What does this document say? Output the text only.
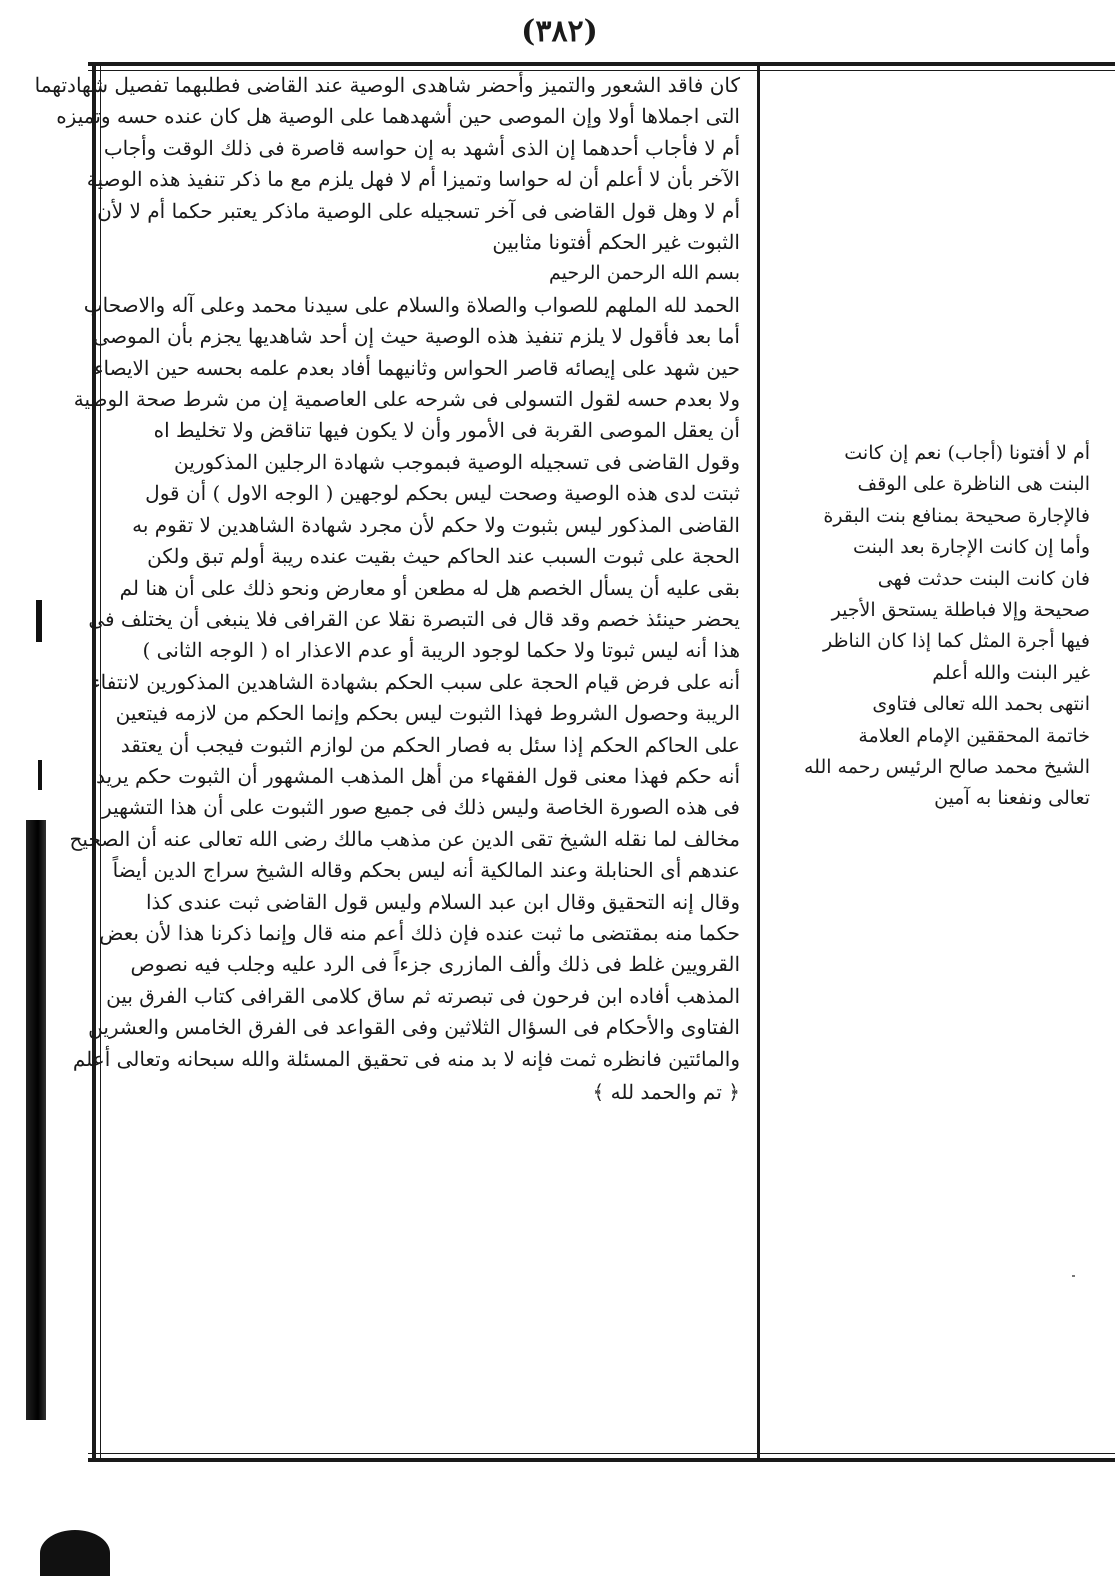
(٣٨٢)
كان فاقد الشعور والتميز وأحضر شاهدى الوصية عند القاضى فطلبهما تفصيل شهادتهما
التى اجملاها أولا وإن الموصى حين أشهدهما على الوصية هل كان عنده حسه وتميزه
أم لا فأجاب أحدهما إن الذى أشهد به إن حواسه قاصرة فى ذلك الوقت وأجاب
الآخر بأن لا أعلم أن له حواسا وتميزا أم لا فهل يلزم مع ما ذكر تنفيذ هذه الوصية
أم لا وهل قول القاضى فى آخر تسجيله على الوصية ماذكر يعتبر حكما أم لا لأن
الثبوت غير الحكم أفتونا مثابين
بسم الله الرحمن الرحيم
الحمد لله الملهم للصواب والصلاة والسلام على سيدنا محمد وعلى آله والاصحاب
أما بعد فأقول لا يلزم تنفيذ هذه الوصية حيث إن أحد شاهديها يجزم بأن الموصى
حين شهد على إيصائه قاصر الحواس وثانيهما أفاد بعدم علمه بحسه حين الايصاء
ولا بعدم حسه لقول التسولى فى شرحه على العاصمية إن من شرط صحة الوصية
أن يعقل الموصى القربة فى الأمور وأن لا يكون فيها تناقض ولا تخليط اه
وقول القاضى فى تسجيله الوصية فبموجب شهادة الرجلين المذكورين
ثبتت لدى هذه الوصية وصحت ليس بحكم لوجهين ( الوجه الاول ) أن قول
القاضى المذكور ليس بثبوت ولا حكم لأن مجرد شهادة الشاهدين لا تقوم به
الحجة على ثبوت السبب عند الحاكم حيث بقيت عنده ريبة أولم تبق ولكن
بقى عليه أن يسأل الخصم هل له مطعن أو معارض ونحو ذلك على أن هنا لم
يحضر حينئذ خصم وقد قال فى التبصرة نقلا عن القرافى فلا ينبغى أن يختلف فى
هذا أنه ليس ثبوتا ولا حكما لوجود الريبة أو عدم الاعذار اه ( الوجه الثانى )
أنه على فرض قيام الحجة على سبب الحكم بشهادة الشاهدين المذكورين لانتفاء
الريبة وحصول الشروط فهذا الثبوت ليس بحكم وإنما الحكم من لازمه فيتعين
على الحاكم الحكم إذا سئل به فصار الحكم من لوازم الثبوت فيجب أن يعتقد
أنه حكم فهذا معنى قول الفقهاء من أهل المذهب المشهور أن الثبوت حكم يريد
فى هذه الصورة الخاصة وليس ذلك فى جميع صور الثبوت على أن هذا التشهير
مخالف لما نقله الشيخ تقى الدين عن مذهب مالك رضى الله تعالى عنه أن الصحيح
عندهم أى الحنابلة وعند المالكية أنه ليس بحكم وقاله الشيخ سراج الدين أيضاً
وقال إنه التحقيق وقال ابن عبد السلام وليس قول القاضى ثبت عندى كذا
حكما منه بمقتضى ما ثبت عنده فإن ذلك أعم منه قال وإنما ذكرنا هذا لأن بعض
القرويين غلط فى ذلك وألف المازرى جزءاً فى الرد عليه وجلب فيه نصوص
المذهب أفاده ابن فرحون فى تبصرته ثم ساق كلامى القرافى كتاب الفرق بين
الفتاوى والأحكام فى السؤال الثلاثين وفى القواعد فى الفرق الخامس والعشرين
والمائتين فانظره ثمت فإنه لا بد منه فى تحقيق المسئلة والله سبحانه وتعالى أعلم
﴿ تم والحمد لله ﴾
أم لا أفتونا (أجاب) نعم إن كانت
البنت هى الناظرة على الوقف
فالإجارة صحيحة بمنافع بنت البقرة
وأما إن كانت الإجارة بعد البنت
فان كانت البنت حدثت فهى
صحيحة وإلا فباطلة يستحق الأجير
فيها أجرة المثل كما إذا كان الناظر
غير البنت والله أعلم
انتهى بحمد الله تعالى فتاوى
خاتمة المحققين الإمام العلامة
الشيخ محمد صالح الرئيس رحمه الله
تعالى ونفعنا به آمين
